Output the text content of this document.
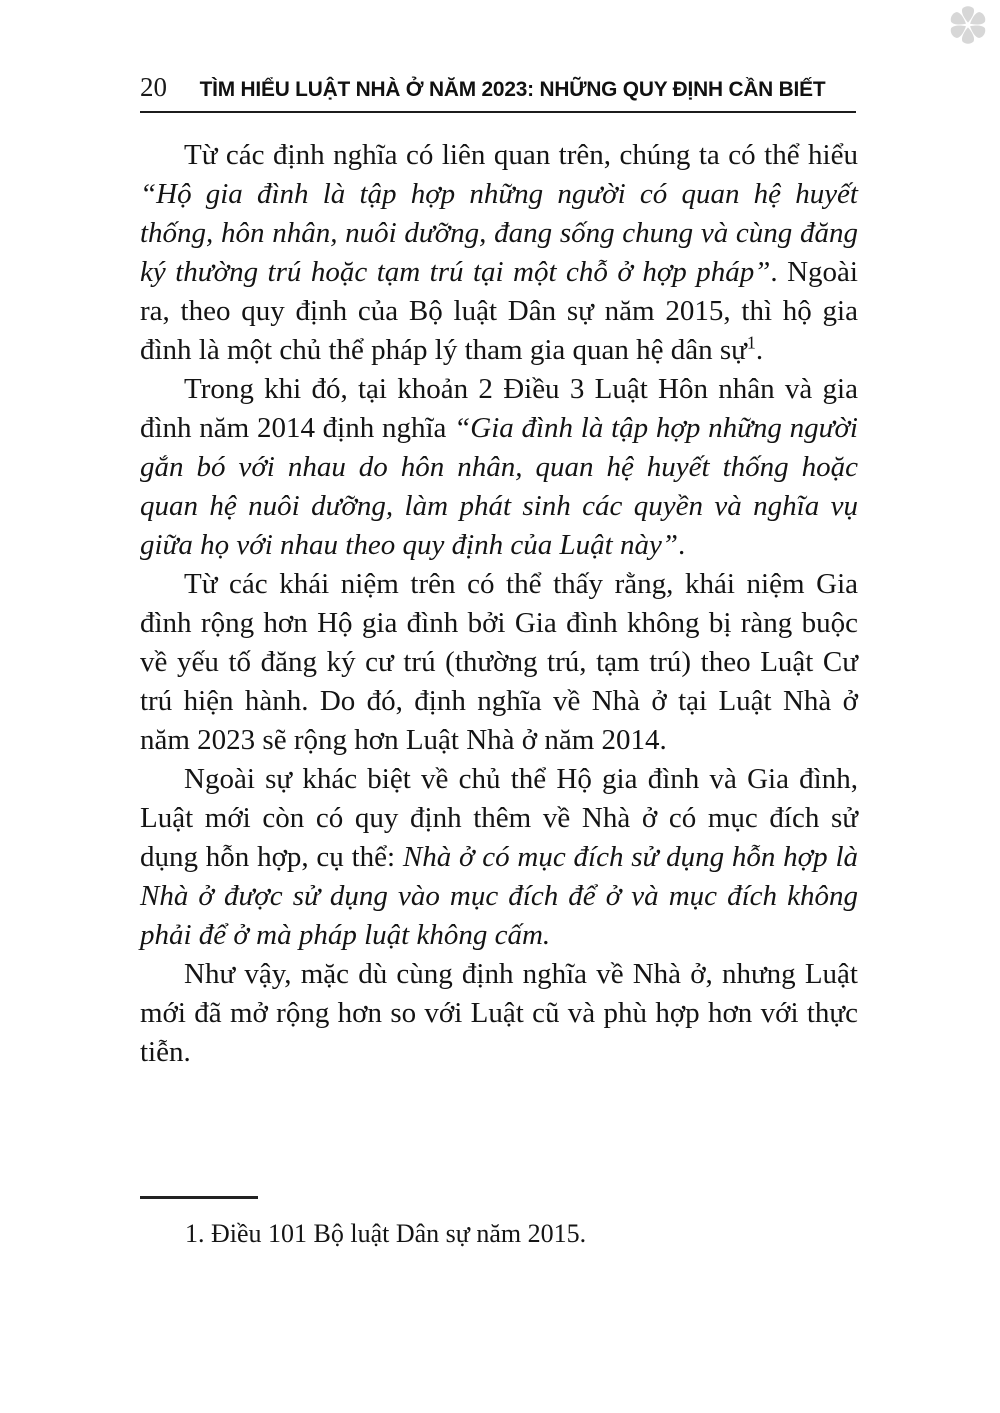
20	TÌM HIỂU LUẬT NHÀ Ở NĂM 2023: NHỮNG QUY ĐỊNH CẦN BIẾT

Từ các định nghĩa có liên quan trên, chúng ta có thể hiểu “Hộ gia đình là tập hợp những người có quan hệ huyết thống, hôn nhân, nuôi dưỡng, đang sống chung và cùng đăng ký thường trú hoặc tạm trú tại một chỗ ở hợp pháp”. Ngoài ra, theo quy định của Bộ luật Dân sự năm 2015, thì hộ gia đình là một chủ thể pháp lý tham gia quan hệ dân sự$^1$.

Trong khi đó, tại khoản 2 Điều 3 Luật Hôn nhân và gia đình năm 2014 định nghĩa “Gia đình là tập hợp những người gắn bó với nhau do hôn nhân, quan hệ huyết thống hoặc quan hệ nuôi dưỡng, làm phát sinh các quyền và nghĩa vụ giữa họ với nhau theo quy định của Luật này”.

Từ các khái niệm trên có thể thấy rằng, khái niệm Gia đình rộng hơn Hộ gia đình bởi Gia đình không bị ràng buộc về yếu tố đăng ký cư trú (thường trú, tạm trú) theo Luật Cư trú hiện hành. Do đó, định nghĩa về Nhà ở tại Luật Nhà ở năm 2023 sẽ rộng hơn Luật Nhà ở năm 2014.

Ngoài sự khác biệt về chủ thể Hộ gia đình và Gia đình, Luật mới còn có quy định thêm về Nhà ở có mục đích sử dụng hỗn hợp, cụ thể: Nhà ở có mục đích sử dụng hỗn hợp là Nhà ở được sử dụng vào mục đích để ở và mục đích không phải để ở mà pháp luật không cấm.

Như vậy, mặc dù cùng định nghĩa về Nhà ở, nhưng Luật mới đã mở rộng hơn so với Luật cũ và phù hợp hơn với thực tiễn.

1. Điều 101 Bộ luật Dân sự năm 2015.
